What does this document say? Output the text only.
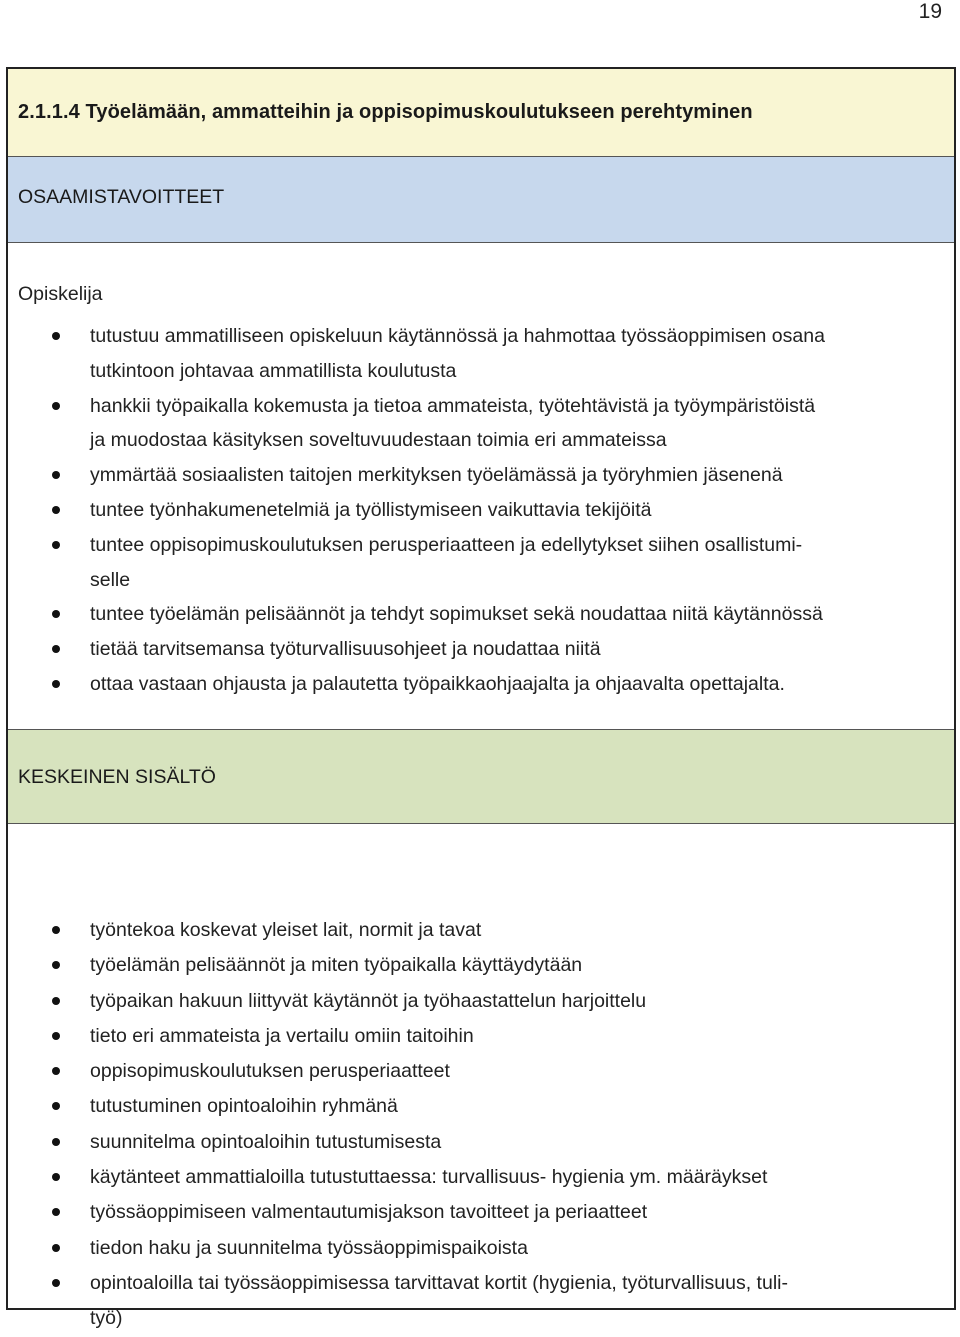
19
2.1.1.4 Työelämään, ammatteihin ja oppisopimuskoulutukseen perehtyminen
OSAAMISTAVOITTEET
Opiskelija
tutustuu ammatilliseen opiskeluun käytännössä ja hahmottaa työssäoppimisen osana
tutkintoon johtavaa ammatillista koulutusta
hankkii työpaikalla kokemusta ja tietoa ammateista, työtehtävistä ja työympäristöistä
ja muodostaa käsityksen soveltuvuudestaan toimia eri ammateissa
ymmärtää sosiaalisten taitojen merkityksen työelämässä ja työryhmien jäsenenä
tuntee työnhakumenetelmiä ja työllistymiseen vaikuttavia tekijöitä
tuntee oppisopimuskoulutuksen perusperiaatteen ja edellytykset siihen osallistumi-
selle
tuntee työelämän pelisäännöt ja tehdyt sopimukset sekä noudattaa niitä käytännössä
tietää tarvitsemansa työturvallisuusohjeet ja noudattaa niitä
ottaa vastaan ohjausta ja palautetta työpaikkaohjaajalta ja ohjaavalta opettajalta.
KESKEINEN SISÄLTÖ
työntekoa koskevat yleiset lait, normit ja tavat
työelämän pelisäännöt ja miten työpaikalla käyttäydytään
työpaikan hakuun liittyvät käytännöt ja työhaastattelun harjoittelu
tieto eri ammateista ja vertailu omiin taitoihin
oppisopimuskoulutuksen perusperiaatteet
tutustuminen opintoaloihin ryhmänä
suunnitelma opintoaloihin tutustumisesta
käytänteet ammattialoilla tutustuttaessa: turvallisuus- hygienia ym. määräykset
työssäoppimiseen valmentautumisjakson tavoitteet ja periaatteet
tiedon haku ja suunnitelma työssäoppimispaikoista
opintoaloilla tai työssäoppimisessa tarvittavat kortit (hygienia, työturvallisuus, tuli-
työ)
